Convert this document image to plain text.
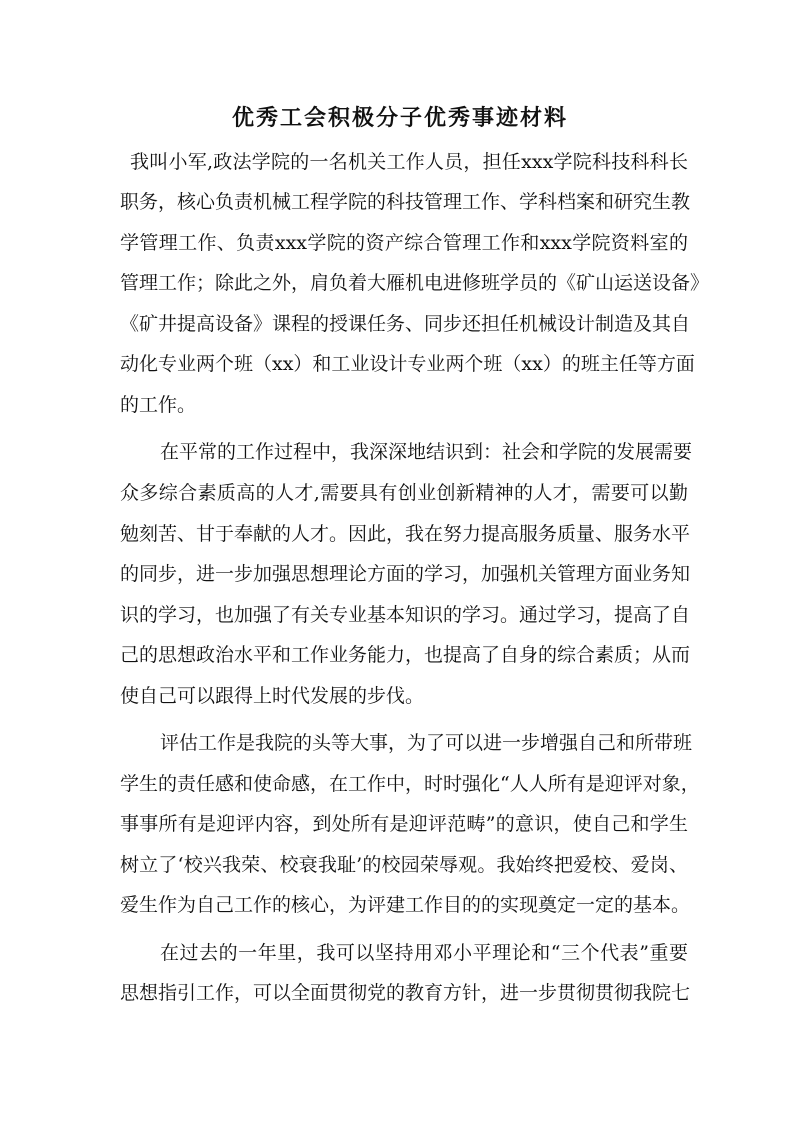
优秀工会积极分子优秀事迹材料
我叫小军,政法学院的一名机关工作人员，担任xxx学院科技科科长
职务，核心负责机械工程学院的科技管理工作、学科档案和研究生教
学管理工作、负责xxx学院的资产综合管理工作和xxx学院资料室的
管理工作；除此之外，肩负着大雁机电进修班学员的《矿山运送设备》
《矿井提高设备》课程的授课任务、同步还担任机械设计制造及其自
动化专业两个班（xx）和工业设计专业两个班（xx）的班主任等方面
的工作。
在平常的工作过程中，我深深地结识到：社会和学院的发展需要
众多综合素质高的人才,需要具有创业创新精神的人才，需要可以勤
勉刻苦、甘于奉献的人才。因此，我在努力提高服务质量、服务水平
的同步，进一步加强思想理论方面的学习，加强机关管理方面业务知
识的学习，也加强了有关专业基本知识的学习。通过学习，提高了自
己的思想政治水平和工作业务能力，也提高了自身的综合素质；从而
使自己可以跟得上时代发展的步伐。
评估工作是我院的头等大事，为了可以进一步增强自己和所带班
学生的责任感和使命感，在工作中，时时强化“人人所有是迎评对象，
事事所有是迎评内容，到处所有是迎评范畴”的意识，使自己和学生
树立了‘校兴我荣、校衰我耻’的校园荣辱观。我始终把爱校、爱岗、
爱生作为自己工作的核心，为评建工作目的的实现奠定一定的基本。
在过去的一年里，我可以坚持用邓小平理论和“三个代表”重要
思想指引工作，可以全面贯彻党的教育方针，进一步贯彻贯彻我院七
